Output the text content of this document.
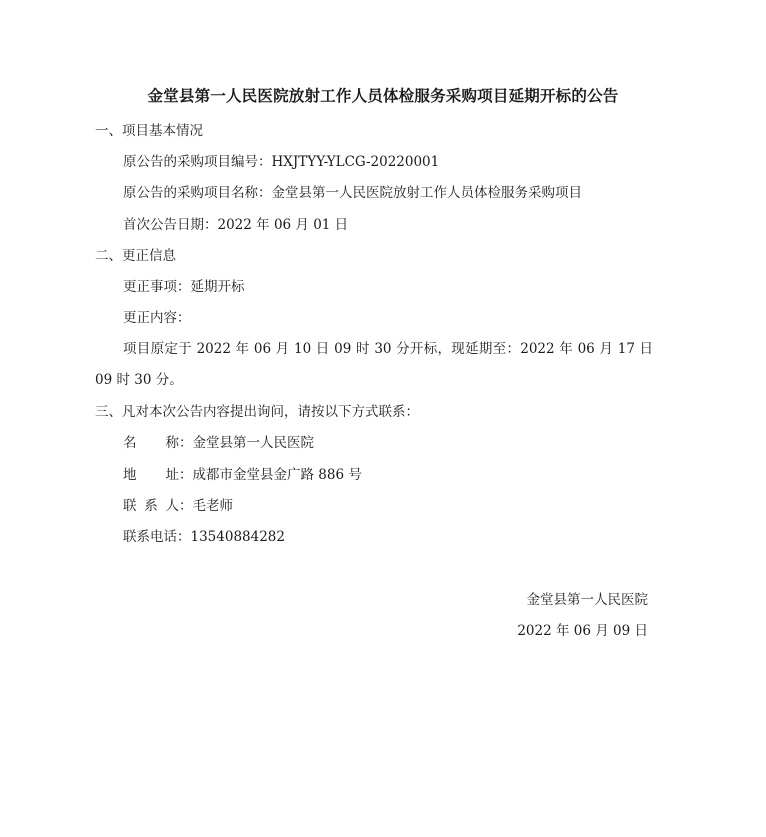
金堂县第一人民医院放射工作人员体检服务采购项目延期开标的公告
一、项目基本情况
原公告的采购项目编号：HXJTYY-YLCG-20220001
原公告的采购项目名称：金堂县第一人民医院放射工作人员体检服务采购项目
首次公告日期：2022 年 06 月 01 日
二、更正信息
更正事项：延期开标
更正内容：
项目原定于 2022 年 06 月 10 日 09 时 30 分开标，现延期至：2022 年 06 月 17 日 09 时 30 分。
三、凡对本次公告内容提出询问，请按以下方式联系：
名称：金堂县第一人民医院
地址：成都市金堂县金广路 886 号
联系人：毛老师
联系电话：13540884282
金堂县第一人民医院
2022 年 06 月 09 日
